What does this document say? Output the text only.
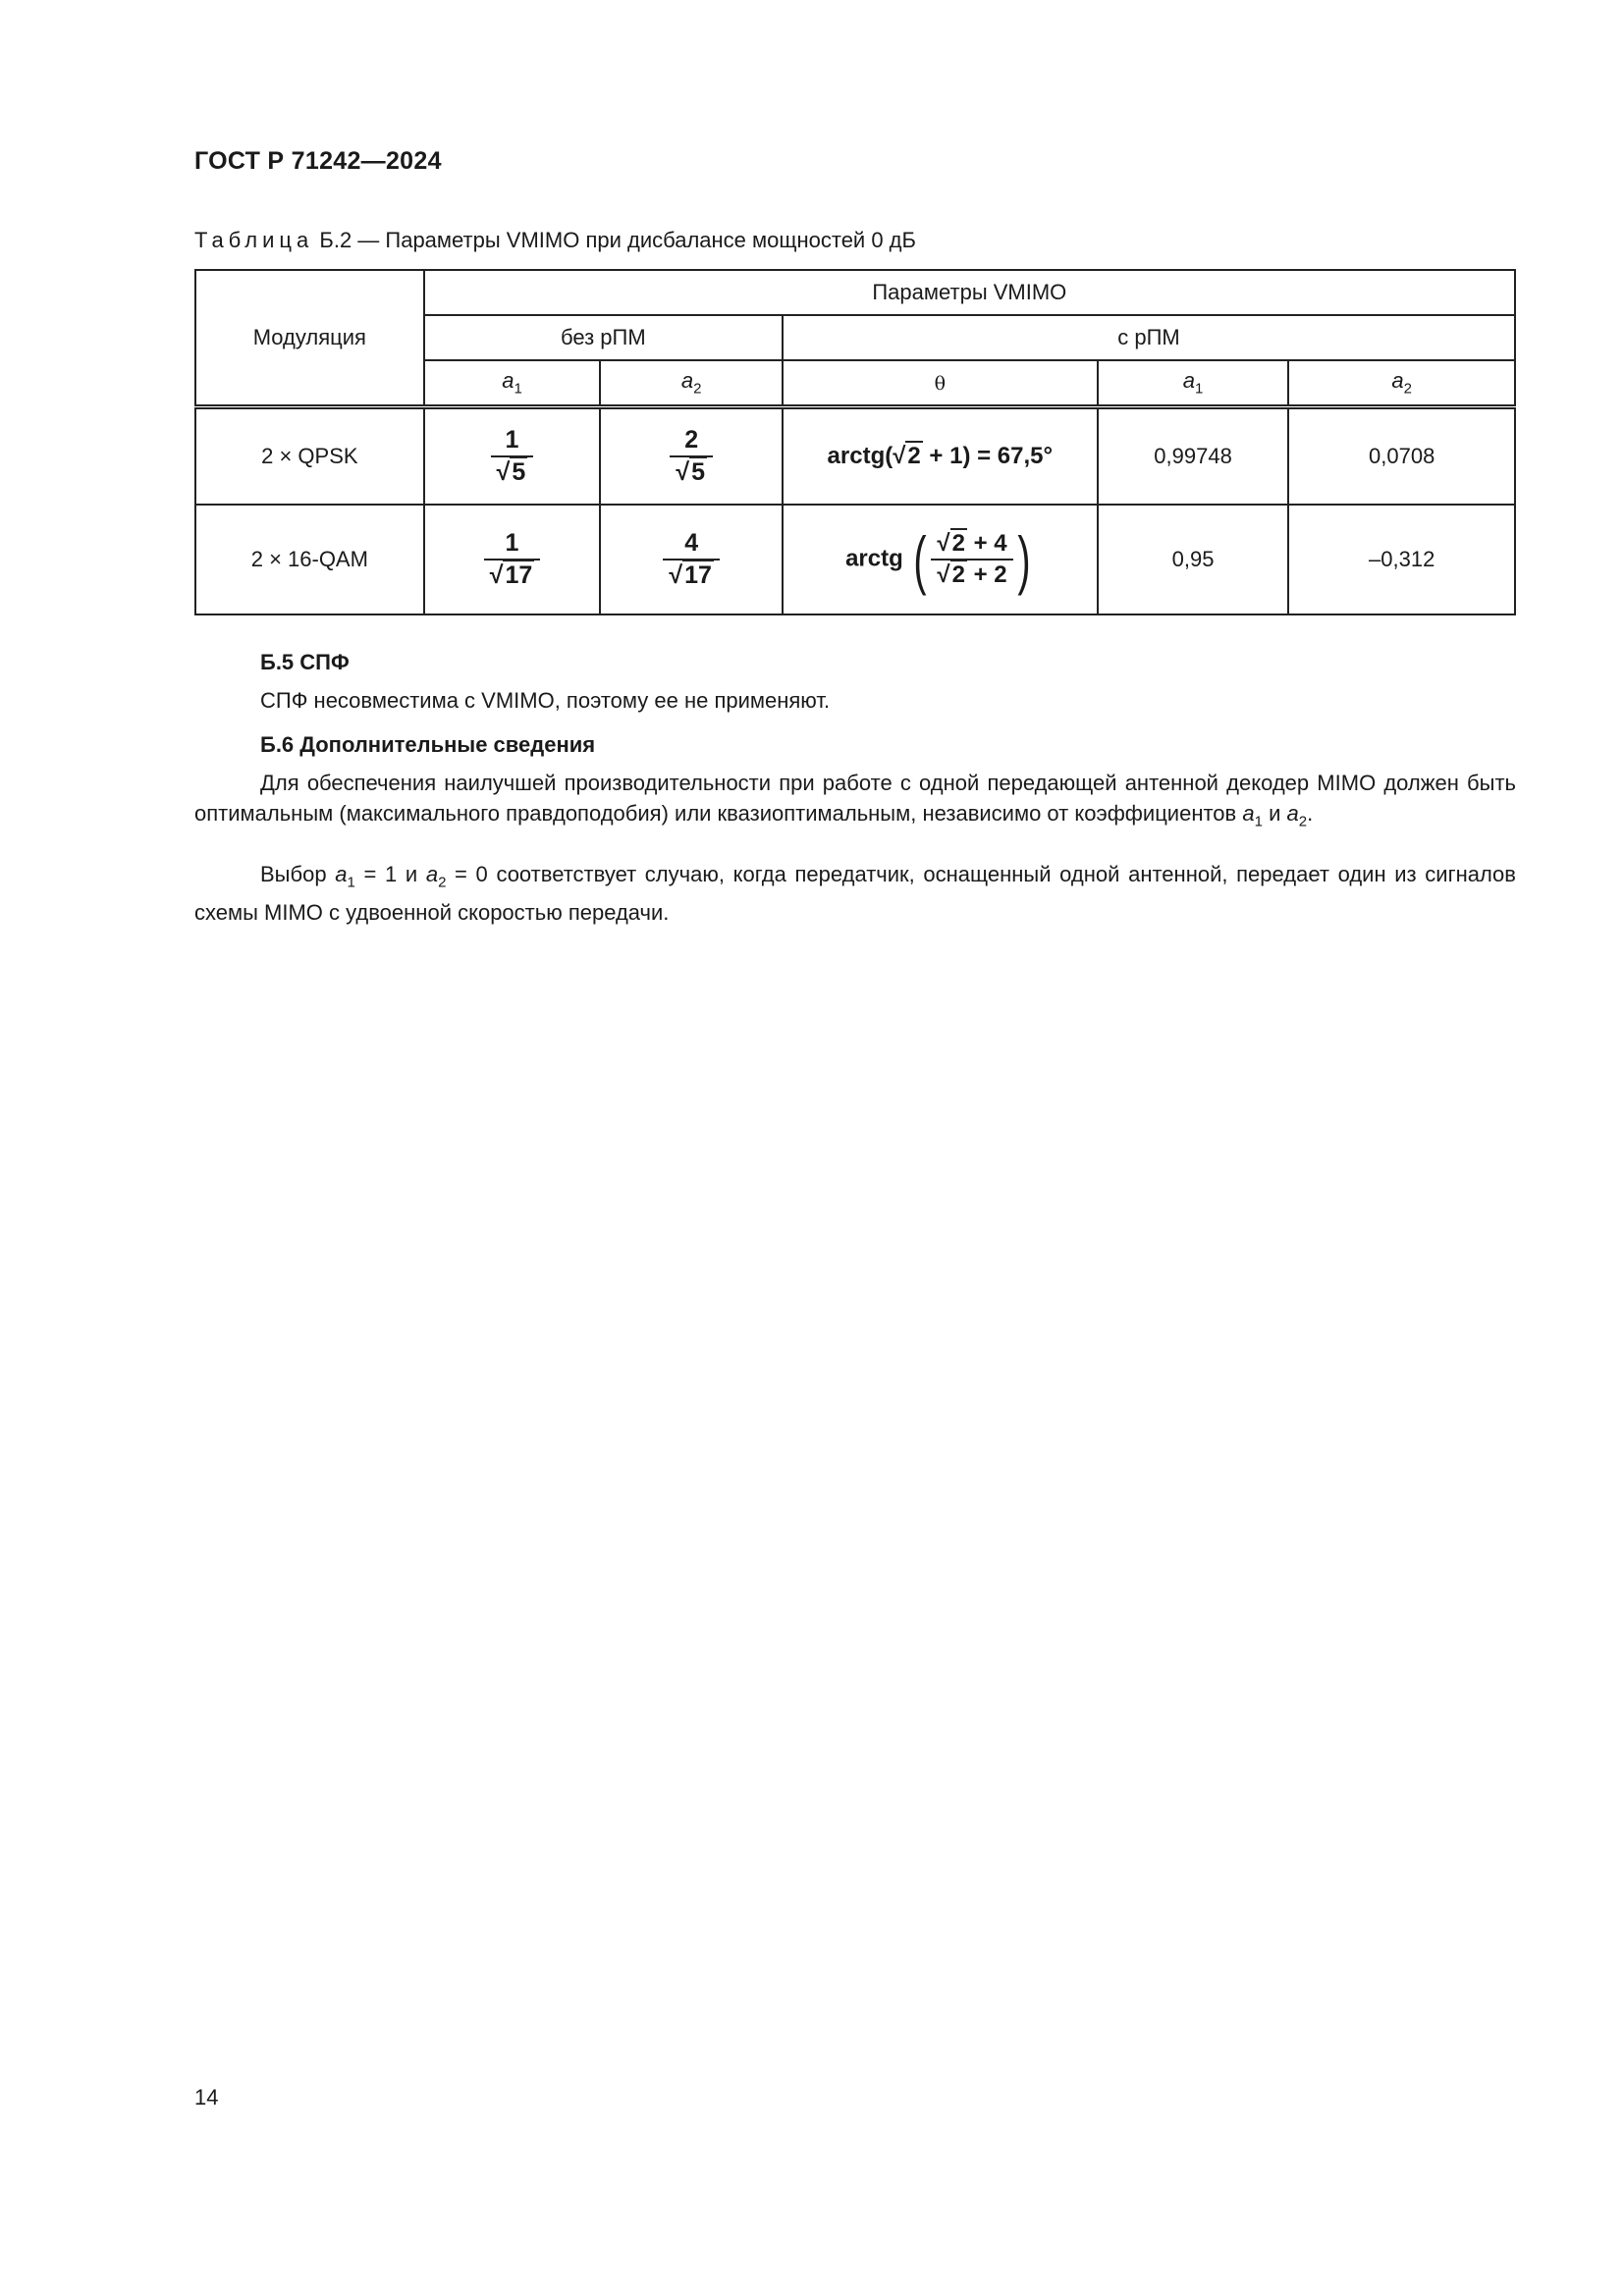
ГОСТ Р 71242—2024
Таблица Б.2 — Параметры VMIMO при дисбалансе мощностей 0 дБ
Модуляция	Параметры VMIMO				
	без рПМ		с рПМ		
	$a_1$	$a_2$	θ	$a_1$	$a_2$
2 × QPSK	$\frac{1}{√5}$	$\frac{2}{√5}$	arctg(√2 + 1) = 67,5°	0,99748	0,0708
2 × 16-QAM	$\frac{1}{√17}$	$\frac{4}{√17}$	arctg ( $\frac{√2 + 4}{√2 + 2}$ )	0,95	–0,312
Б.5 СПФ
СПФ несовместима с VMIMO, поэтому ее не применяют.
Б.6 Дополнительные сведения
Для обеспечения наилучшей производительности при работе с одной передающей антенной декодер MIMO должен быть оптимальным (максимального правдоподобия) или квазиоптимальным, независимо от коэффициентов $a_1$ и $a_2$.
Выбор $a_1 = 1$ и $a_2 = 0$ соответствует случаю, когда передатчик, оснащенный одной антенной, передает один из сигналов схемы MIMO с удвоенной скоростью передачи.
14
